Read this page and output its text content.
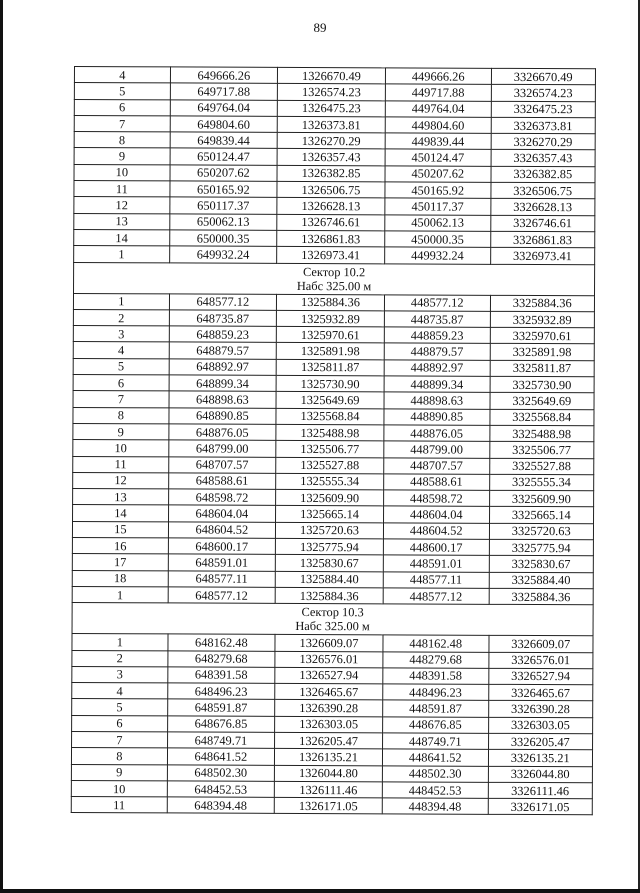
89
4	649666.26	1326670.49	449666.26	3326670.49
5	649717.88	1326574.23	449717.88	3326574.23
6	649764.04	1326475.23	449764.04	3326475.23
7	649804.60	1326373.81	449804.60	3326373.81
8	649839.44	1326270.29	449839.44	3326270.29
9	650124.47	1326357.43	450124.47	3326357.43
10	650207.62	1326382.85	450207.62	3326382.85
11	650165.92	1326506.75	450165.92	3326506.75
12	650117.37	1326628.13	450117.37	3326628.13
13	650062.13	1326746.61	450062.13	3326746.61
14	650000.35	1326861.83	450000.35	3326861.83
1	649932.24	1326973.41	449932.24	3326973.41

Сектор 10.2
Набс 325.00 м				

1	648577.12	1325884.36	448577.12	3325884.36
2	648735.87	1325932.89	448735.87	3325932.89
3	648859.23	1325970.61	448859.23	3325970.61
4	648879.57	1325891.98	448879.57	3325891.98
5	648892.97	1325811.87	448892.97	3325811.87
6	648899.34	1325730.90	448899.34	3325730.90
7	648898.63	1325649.69	448898.63	3325649.69
8	648890.85	1325568.84	448890.85	3325568.84
9	648876.05	1325488.98	448876.05	3325488.98
10	648799.00	1325506.77	448799.00	3325506.77
11	648707.57	1325527.88	448707.57	3325527.88
12	648588.61	1325555.34	448588.61	3325555.34
13	648598.72	1325609.90	448598.72	3325609.90
14	648604.04	1325665.14	448604.04	3325665.14
15	648604.52	1325720.63	448604.52	3325720.63
16	648600.17	1325775.94	448600.17	3325775.94
17	648591.01	1325830.67	448591.01	3325830.67
18	648577.11	1325884.40	448577.11	3325884.40
1	648577.12	1325884.36	448577.12	3325884.36

Сектор 10.3
Набс 325.00 м				

1	648162.48	1326609.07	448162.48	3326609.07
2	648279.68	1326576.01	448279.68	3326576.01
3	648391.58	1326527.94	448391.58	3326527.94
4	648496.23	1326465.67	448496.23	3326465.67
5	648591.87	1326390.28	448591.87	3326390.28
6	648676.85	1326303.05	448676.85	3326303.05
7	648749.71	1326205.47	448749.71	3326205.47
8	648641.52	1326135.21	448641.52	3326135.21
9	648502.30	1326044.80	448502.30	3326044.80
10	648452.53	1326111.46	448452.53	3326111.46
11	648394.48	1326171.05	448394.48	3326171.05
